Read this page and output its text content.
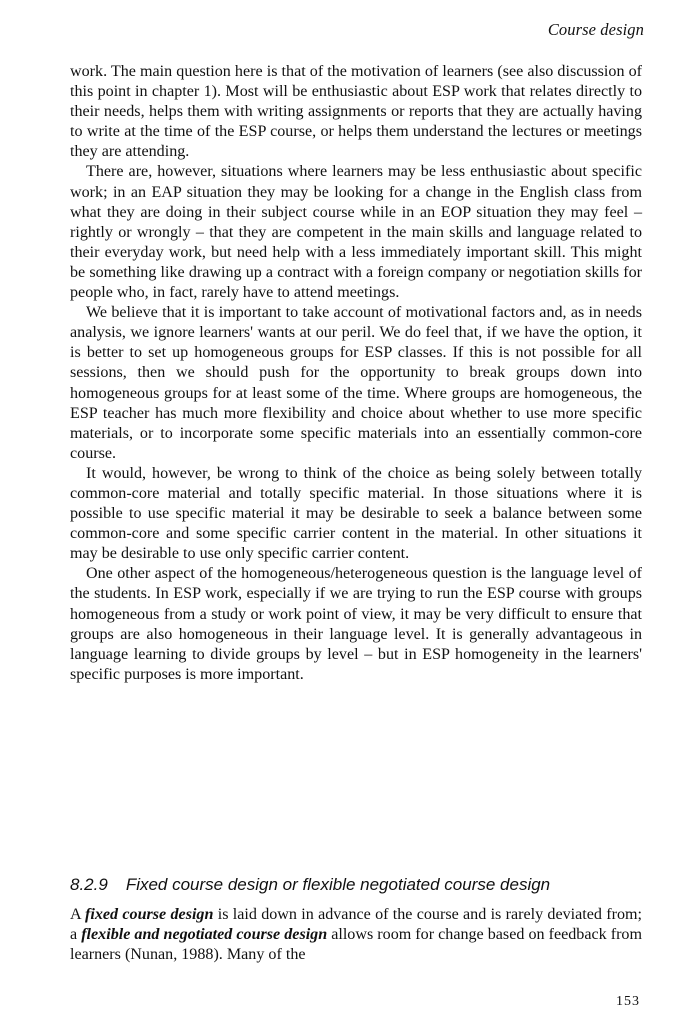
Course design

work. The main question here is that of the motivation of learners (see also discussion of this point in chapter 1). Most will be enthusiastic about ESP work that relates directly to their needs, helps them with writing assignments or reports that they are actually having to write at the time of the ESP course, or helps them understand the lectures or meetings they are attending.

There are, however, situations where learners may be less enthusiastic about specific work; in an EAP situation they may be looking for a change in the English class from what they are doing in their subject course while in an EOP situation they may feel – rightly or wrongly – that they are competent in the main skills and language related to their everyday work, but need help with a less immediately important skill. This might be something like drawing up a contract with a foreign company or negotiation skills for people who, in fact, rarely have to attend meetings.

We believe that it is important to take account of motivational factors and, as in needs analysis, we ignore learners' wants at our peril. We do feel that, if we have the option, it is better to set up homogeneous groups for ESP classes. If this is not possible for all sessions, then we should push for the opportunity to break groups down into homogeneous groups for at least some of the time. Where groups are homogeneous, the ESP teacher has much more flexibility and choice about whether to use more specific materials, or to incorporate some specific materials into an essentially common-core course.

It would, however, be wrong to think of the choice as being solely between totally common-core material and totally specific material. In those situations where it is possible to use specific material it may be desirable to seek a balance between some common-core and some specific carrier content in the material. In other situations it may be desirable to use only specific carrier content.

One other aspect of the homogeneous/heterogeneous question is the language level of the students. In ESP work, especially if we are trying to run the ESP course with groups homogeneous from a study or work point of view, it may be very difficult to ensure that groups are also homogeneous in their language level. It is generally advantageous in language learning to divide groups by level – but in ESP homogeneity in the learners' specific purposes is more important.

8.2.9 Fixed course design or flexible negotiated course design

A fixed course design is laid down in advance of the course and is rarely deviated from; a flexible and negotiated course design allows room for change based on feedback from learners (Nunan, 1988). Many of the

153
